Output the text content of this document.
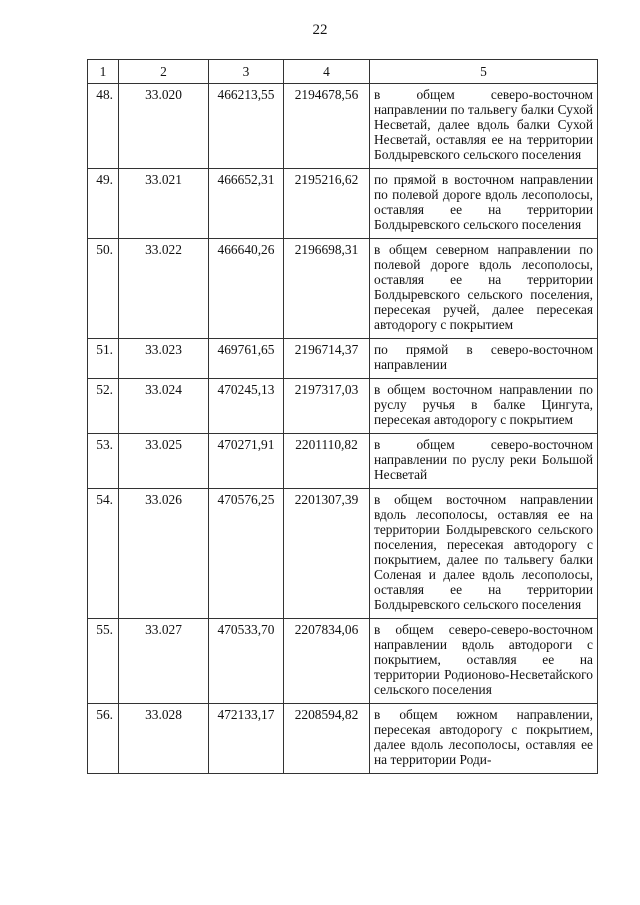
22
1	2	3	4	5
48.	33.020	466213,55	2194678,56	в общем северо-восточном направлении по тальвегу балки Сухой Несветай, далее вдоль балки Сухой Несветай, оставляя ее на территории Болдыревского сельского поселения
49.	33.021	466652,31	2195216,62	по прямой в восточном направлении по полевой дороге вдоль лесополосы, оставляя ее на территории Болдыревского сельского поселения
50.	33.022	466640,26	2196698,31	в общем северном направлении по полевой дороге вдоль лесополосы, оставляя ее на территории Болдыревского сельского поселения, пересекая ручей, далее пересекая автодорогу с покрытием
51.	33.023	469761,65	2196714,37	по прямой в северо-восточном направлении
52.	33.024	470245,13	2197317,03	в общем восточном направлении по руслу ручья в балке Цингута, пересекая автодорогу с покрытием
53.	33.025	470271,91	2201110,82	в общем северо-восточном направлении по руслу реки Большой Несветай
54.	33.026	470576,25	2201307,39	в общем восточном направлении вдоль лесополосы, оставляя ее на территории Болдыревского сельского поселения, пересекая автодорогу с покрытием, далее по тальвегу балки Соленая и далее вдоль лесополосы, оставляя ее на территории Болдыревского сельского поселения
55.	33.027	470533,70	2207834,06	в общем северо-северо-восточном направлении вдоль автодороги с покрытием, оставляя ее на территории Родионово-Несветайского сельского поселения
56.	33.028	472133,17	2208594,82	в общем южном направлении, пересекая автодорогу с покрытием, далее вдоль лесополосы, оставляя ее на территории Роди-
